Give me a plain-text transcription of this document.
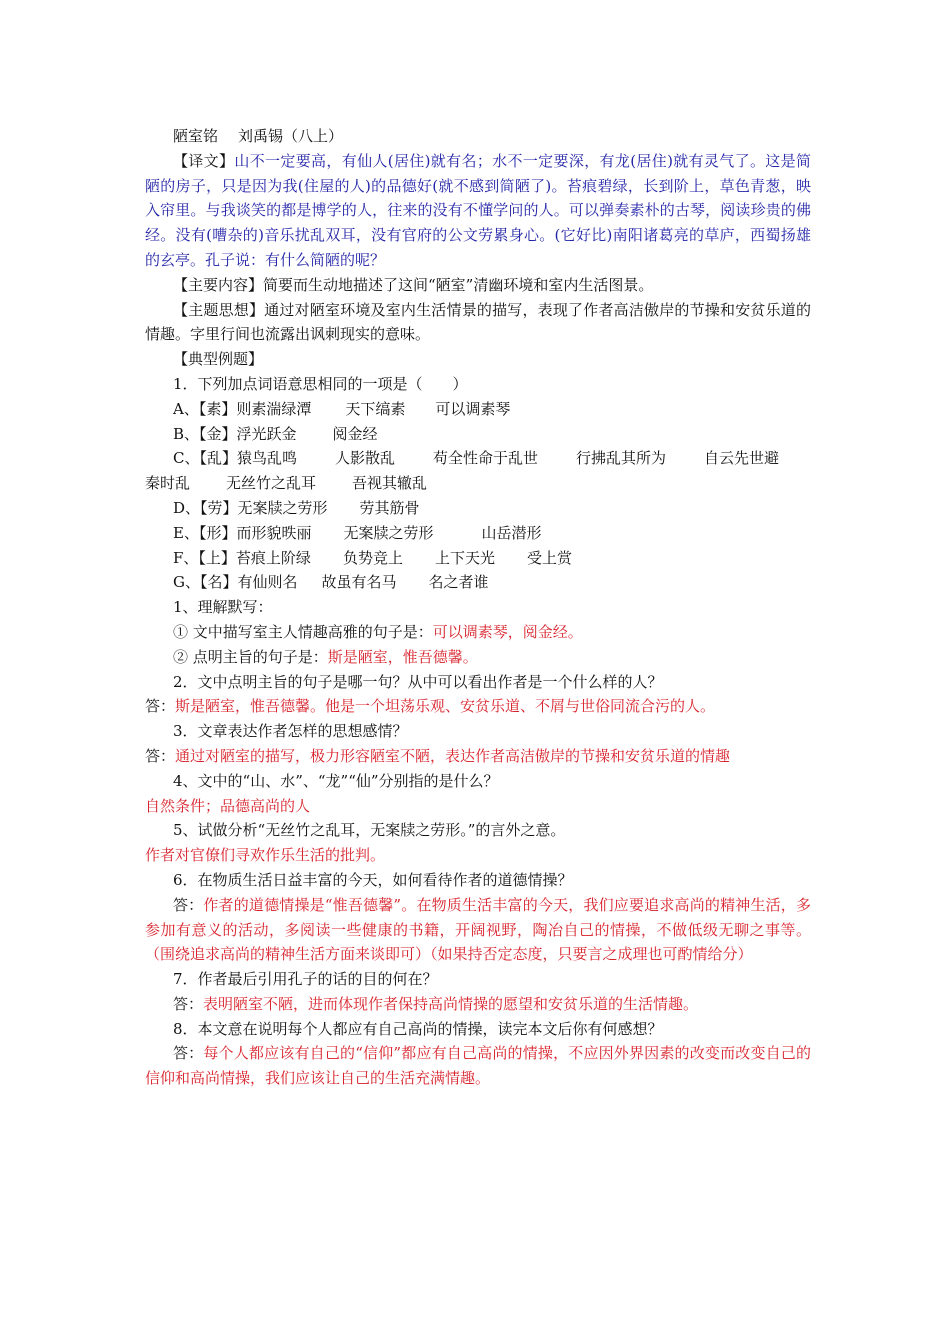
陋室铭 刘禹锡（八上）
【译文】山不一定要高，有仙人(居住)就有名；水不一定要深，有龙(居住)就有灵气了。这是简陋的房子，只是因为我(住屋的人)的品德好(就不感到简陋了)。苔痕碧绿，长到阶上，草色青葱，映入帘里。与我谈笑的都是博学的人，往来的没有不懂学问的人。可以弹奏素朴的古琴，阅读珍贵的佛经。没有(嘈杂的)音乐扰乱双耳，没有官府的公文劳累身心。(它好比)南阳诸葛亮的草庐，西蜀扬雄的玄亭。孔子说：有什么简陋的呢？
【主要内容】简要而生动地描述了这间“陋室”清幽环境和室内生活图景。
【主题思想】通过对陋室环境及室内生活情景的描写，表现了作者高洁傲岸的节操和安贫乐道的情趣。字里行间也流露出讽刺现实的意味。
【典型例题】
1．下列加点词语意思相同的一项是（　　）
A、【素】则素湍绿潭 天下缟素 可以调素琴
B、【金】浮光跃金 阅金经
C、【乱】猿鸟乱鸣	人影散乱	苟全性命于乱世	行拂乱其所为	自云先世避
秦时乱 无丝竹之乱耳 吾视其辙乱
D、【劳】无案牍之劳形 劳其筋骨
E、【形】而形貌昳丽 无案牍之劳形	山岳潜形
F、【上】苔痕上阶绿 负势竞上 上下天光 受上赏
G、【名】有仙则名 故虽有名马 名之者谁
1、理解默写：
① 文中描写室主人情趣高雅的句子是：可以调素琴，阅金经。
② 点明主旨的句子是：斯是陋室，惟吾德馨。
2．文中点明主旨的句子是哪一句？从中可以看出作者是一个什么样的人？
答：斯是陋室，惟吾德馨。他是一个坦荡乐观、安贫乐道、不屑与世俗同流合污的人。
3．文章表达作者怎样的思想感情？
答：通过对陋室的描写，极力形容陋室不陋，表达作者高洁傲岸的节操和安贫乐道的情趣
4、文中的“山、水”、“龙”“仙”分别指的是什么？
自然条件；品德高尚的人
5、试做分析“无丝竹之乱耳，无案牍之劳形。”的言外之意。
作者对官僚们寻欢作乐生活的批判。
6．在物质生活日益丰富的今天，如何看待作者的道德情操？
答：作者的道德情操是“惟吾德馨”。在物质生活丰富的今天，我们应要追求高尚的精神生活，多参加有意义的活动，多阅读一些健康的书籍，开阔视野，陶冶自己的情操，不做低级无聊之事等。（围绕追求高尚的精神生活方面来谈即可）（如果持否定态度，只要言之成理也可酌情给分）
7．作者最后引用孔子的话的目的何在？
答：表明陋室不陋，进而体现作者保持高尚情操的愿望和安贫乐道的生活情趣。
8．本文意在说明每个人都应有自己高尚的情操，读完本文后你有何感想？
答：每个人都应该有自己的“信仰”都应有自己高尚的情操，不应因外界因素的改变而改变自己的信仰和高尚情操，我们应该让自己的生活充满情趣。
